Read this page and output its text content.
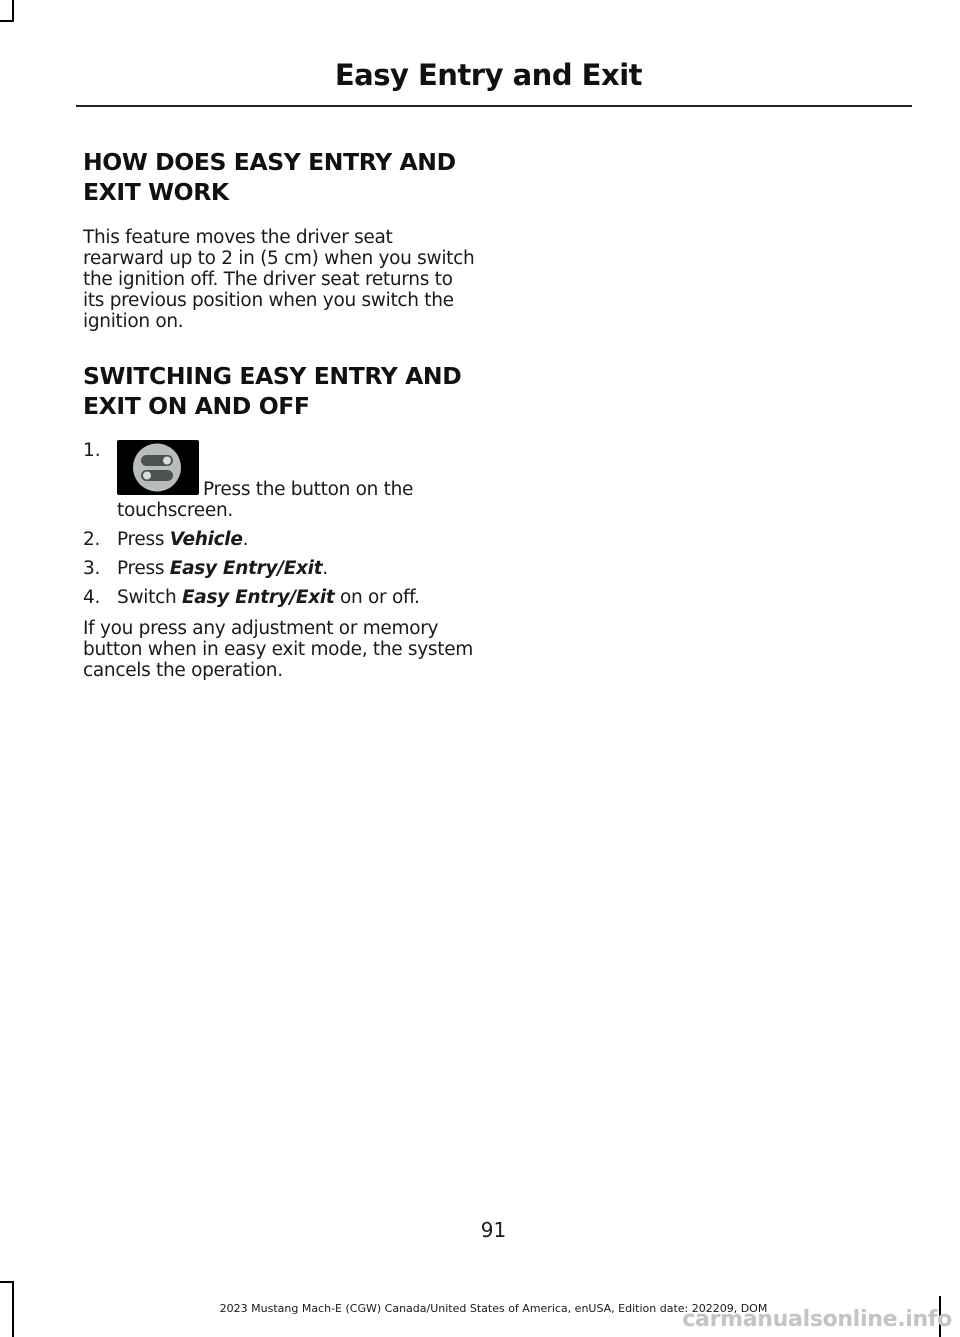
Easy Entry and Exit
HOW DOES EASY ENTRY AND
EXIT WORK

This feature moves the driver seat
rearward up to 2 in (5 cm) when you switch
the ignition off. The driver seat returns to
its previous position when you switch the
ignition on.

SWITCHING EASY ENTRY AND
EXIT ON AND OFF
1.

Press the button on the

touchscreen.

2. Press Vehicle.
3. Press Easy Entry/Exit.
4. Switch Easy Entry/Exit on or off.

If you press any adjustment or memory
button when in easy exit mode, the system
cancels the operation.

91
2023 Mustang Mach-E (CGW) Canada/United States of America, enUSA, Edition date: 202209, DOM
carmanualsonline.info
